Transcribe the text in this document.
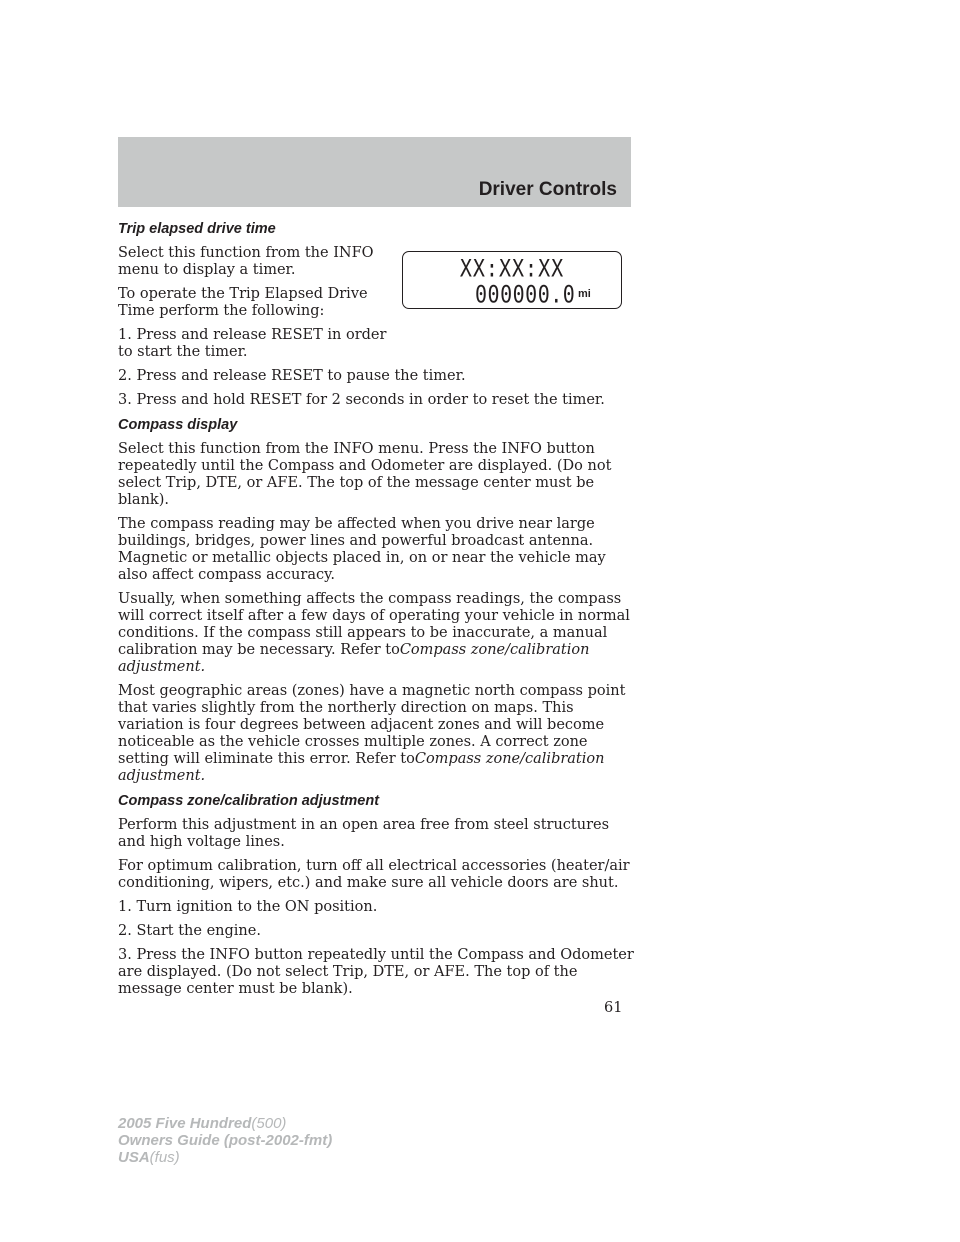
Driver Controls
XX:XX:XX
000000.0 mi
Trip elapsed drive time

Select this function from the INFO menu to display a timer.

To operate the Trip Elapsed Drive Time perform the following:

1. Press and release RESET in order to start the timer.

2. Press and release RESET to pause the timer.

3. Press and hold RESET for 2 seconds in order to reset the timer.

Compass display

Select this function from the INFO menu. Press the INFO button repeatedly until the Compass and Odometer are displayed. (Do not select Trip, DTE, or AFE. The top of the message center must be blank).

The compass reading may be affected when you drive near large buildings, bridges, power lines and powerful broadcast antenna. Magnetic or metallic objects placed in, on or near the vehicle may also affect compass accuracy.

Usually, when something affects the compass readings, the compass will correct itself after a few days of operating your vehicle in normal conditions. If the compass still appears to be inaccurate, a manual calibration may be necessary. Refer toCompass zone/calibration adjustment.

Most geographic areas (zones) have a magnetic north compass point that varies slightly from the northerly direction on maps. This variation is four degrees between adjacent zones and will become noticeable as the vehicle crosses multiple zones. A correct zone setting will eliminate this error. Refer toCompass zone/calibration adjustment.

Compass zone/calibration adjustment

Perform this adjustment in an open area free from steel structures and high voltage lines.

For optimum calibration, turn off all electrical accessories (heater/air conditioning, wipers, etc.) and make sure all vehicle doors are shut.

1. Turn ignition to the ON position.

2. Start the engine.

3. Press the INFO button repeatedly until the Compass and Odometer are displayed. (Do not select Trip, DTE, or AFE. The top of the message center must be blank).

61
2005 Five Hundred(500)
Owners Guide (post-2002-fmt)
USA(fus)
